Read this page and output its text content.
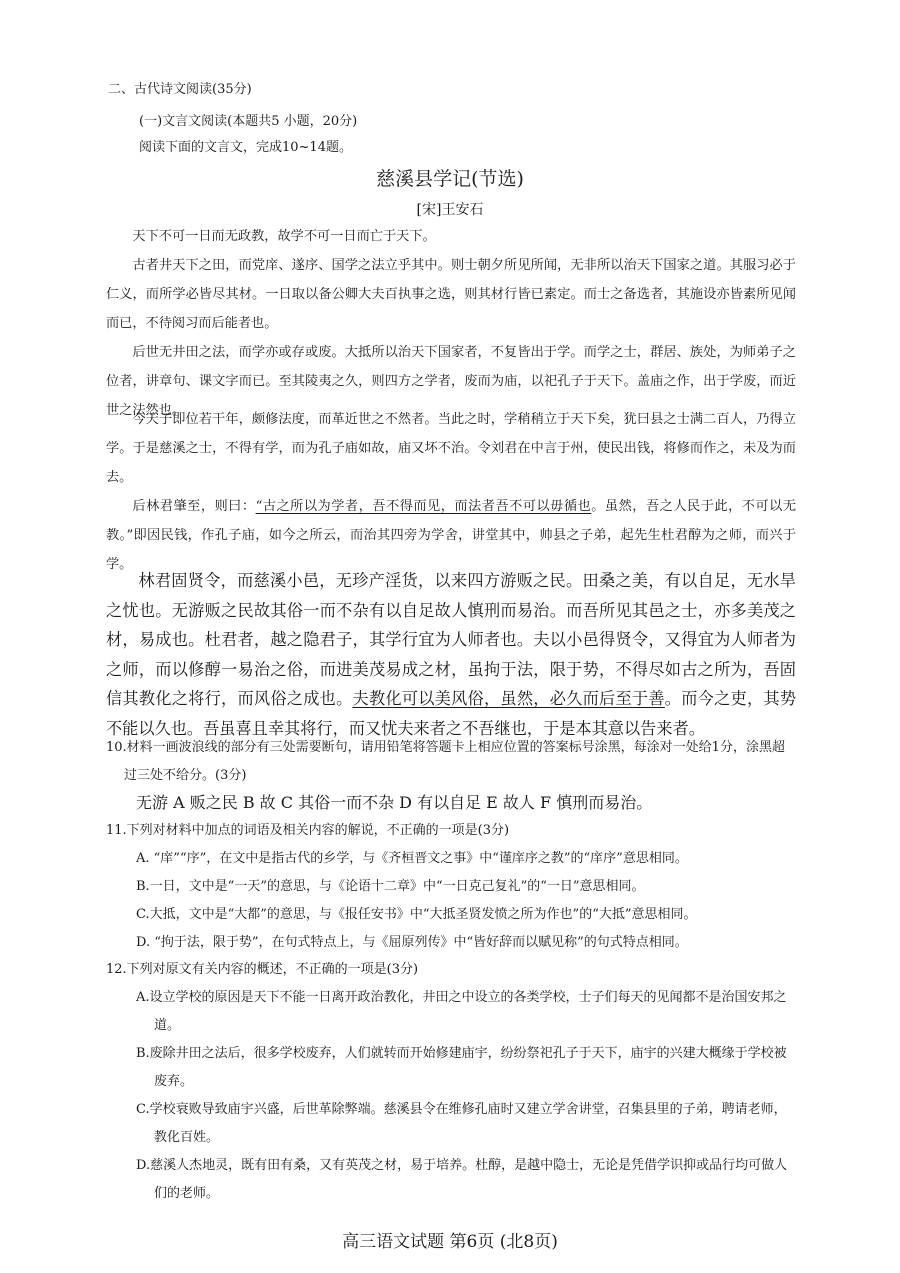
二、古代诗文阅读(35分)
(一)文言文阅读(本题共5 小题，20分)
阅读下面的文言文，完成10~14题。
慈溪县学记(节选)
[宋]王安石
天下不可一日而无政教，故学不可一日而亡于天下。
古者井天下之田，而党庠、遂序、国学之法立乎其中。则士朝夕所见所闻，无非所以治天下国家之道。其服习必于仁义，而所学必皆尽其材。一日取以备公卿大夫百执事之选，则其材行皆已素定。而士之备选者，其施设亦皆素所见闻而已，不待阅习而后能者也。
后世无井田之法，而学亦或存或废。大抵所以治天下国家者，不复皆出于学。而学之士，群居、族处，为师弟子之位者，讲章句、课文字而已。至其陵夷之久，则四方之学者，废而为庙，以祀孔子于天下。盖庙之作，出于学废，而近世之法然也。
今天子即位若干年，颇修法度，而革近世之不然者。当此之时，学稍稍立于天下矣，犹曰县之士满二百人，乃得立学。于是慈溪之士，不得有学，而为孔子庙如故，庙又坏不治。令刘君在中言于州，使民出钱，将修而作之，未及为而去。
后林君肇至，则曰：“古之所以为学者，吾不得而见，而法者吾不可以毋循也。虽然，吾之人民于此，不可以无教。”即因民钱，作孔子庙，如今之所云，而治其四旁为学舍，讲堂其中，帅县之子弟，起先生杜君醇为之师，而兴于学。
林君固贤令，而慈溪小邑，无珍产淫货，以来四方游贩之民。田桑之美，有以自足，无水旱之忧也。无游贩之民故其俗一而不杂有以自足故人慎刑而易治。而吾所见其邑之士，亦多美茂之材，易成也。杜君者，越之隐君子，其学行宜为人师者也。夫以小邑得贤令，又得宜为人师者为之师，而以修醇一易治之俗，而进美茂易成之材，虽拘于法，限于势，不得尽如古之所为，吾固信其教化之将行，而风俗之成也。夫教化可以美风俗，虽然，必久而后至于善。而今之吏，其势不能以久也。吾虽喜且幸其将行，而又忧夫来者之不吾继也，于是本其意以告来者。
10.材料一画波浪线的部分有三处需要断句，请用铅笔将答题卡上相应位置的答案标号涂黑，每涂对一处给1分，涂黑超过三处不给分。(3分)
无游 A 贩之民 B 故 C 其俗一而不杂 D 有以自足 E 故人 F 慎刑而易治。
11.下列对材料中加点的词语及相关内容的解说，不正确的一项是(3分)
A. “庠”“序”，在文中是指古代的乡学，与《齐桓晋文之事》中“谨庠序之教”的“庠序”意思相同。
B.一日，文中是“一天”的意思，与《论语十二章》中“一日克己复礼”的“一日”意思相同。
C.大抵，文中是“大都”的意思，与《报任安书》中“大抵圣贤发愤之所为作也”的“大抵”意思相同。
D. “拘于法，限于势”，在句式特点上，与《屈原列传》中“皆好辞而以赋见称”的句式特点相同。
12.下列对原文有关内容的概述，不正确的一项是(3分)
A.设立学校的原因是天下不能一日离开政治教化，井田之中设立的各类学校，士子们每天的见闻都不是治国安邦之道。
B.废除井田之法后，很多学校废弃，人们就转而开始修建庙宇，纷纷祭祀孔子于天下，庙宇的兴建大概缘于学校被废弃。
C.学校衰败导致庙宇兴盛，后世革除弊端。慈溪县令在维修孔庙时又建立学舍讲堂，召集县里的子弟，聘请老师，教化百姓。
D.慈溪人杰地灵，既有田有桑，又有英茂之材，易于培养。杜醇，是越中隐士，无论是凭借学识抑或品行均可做人们的老师。
高三语文试题 第6页 (北8页)
